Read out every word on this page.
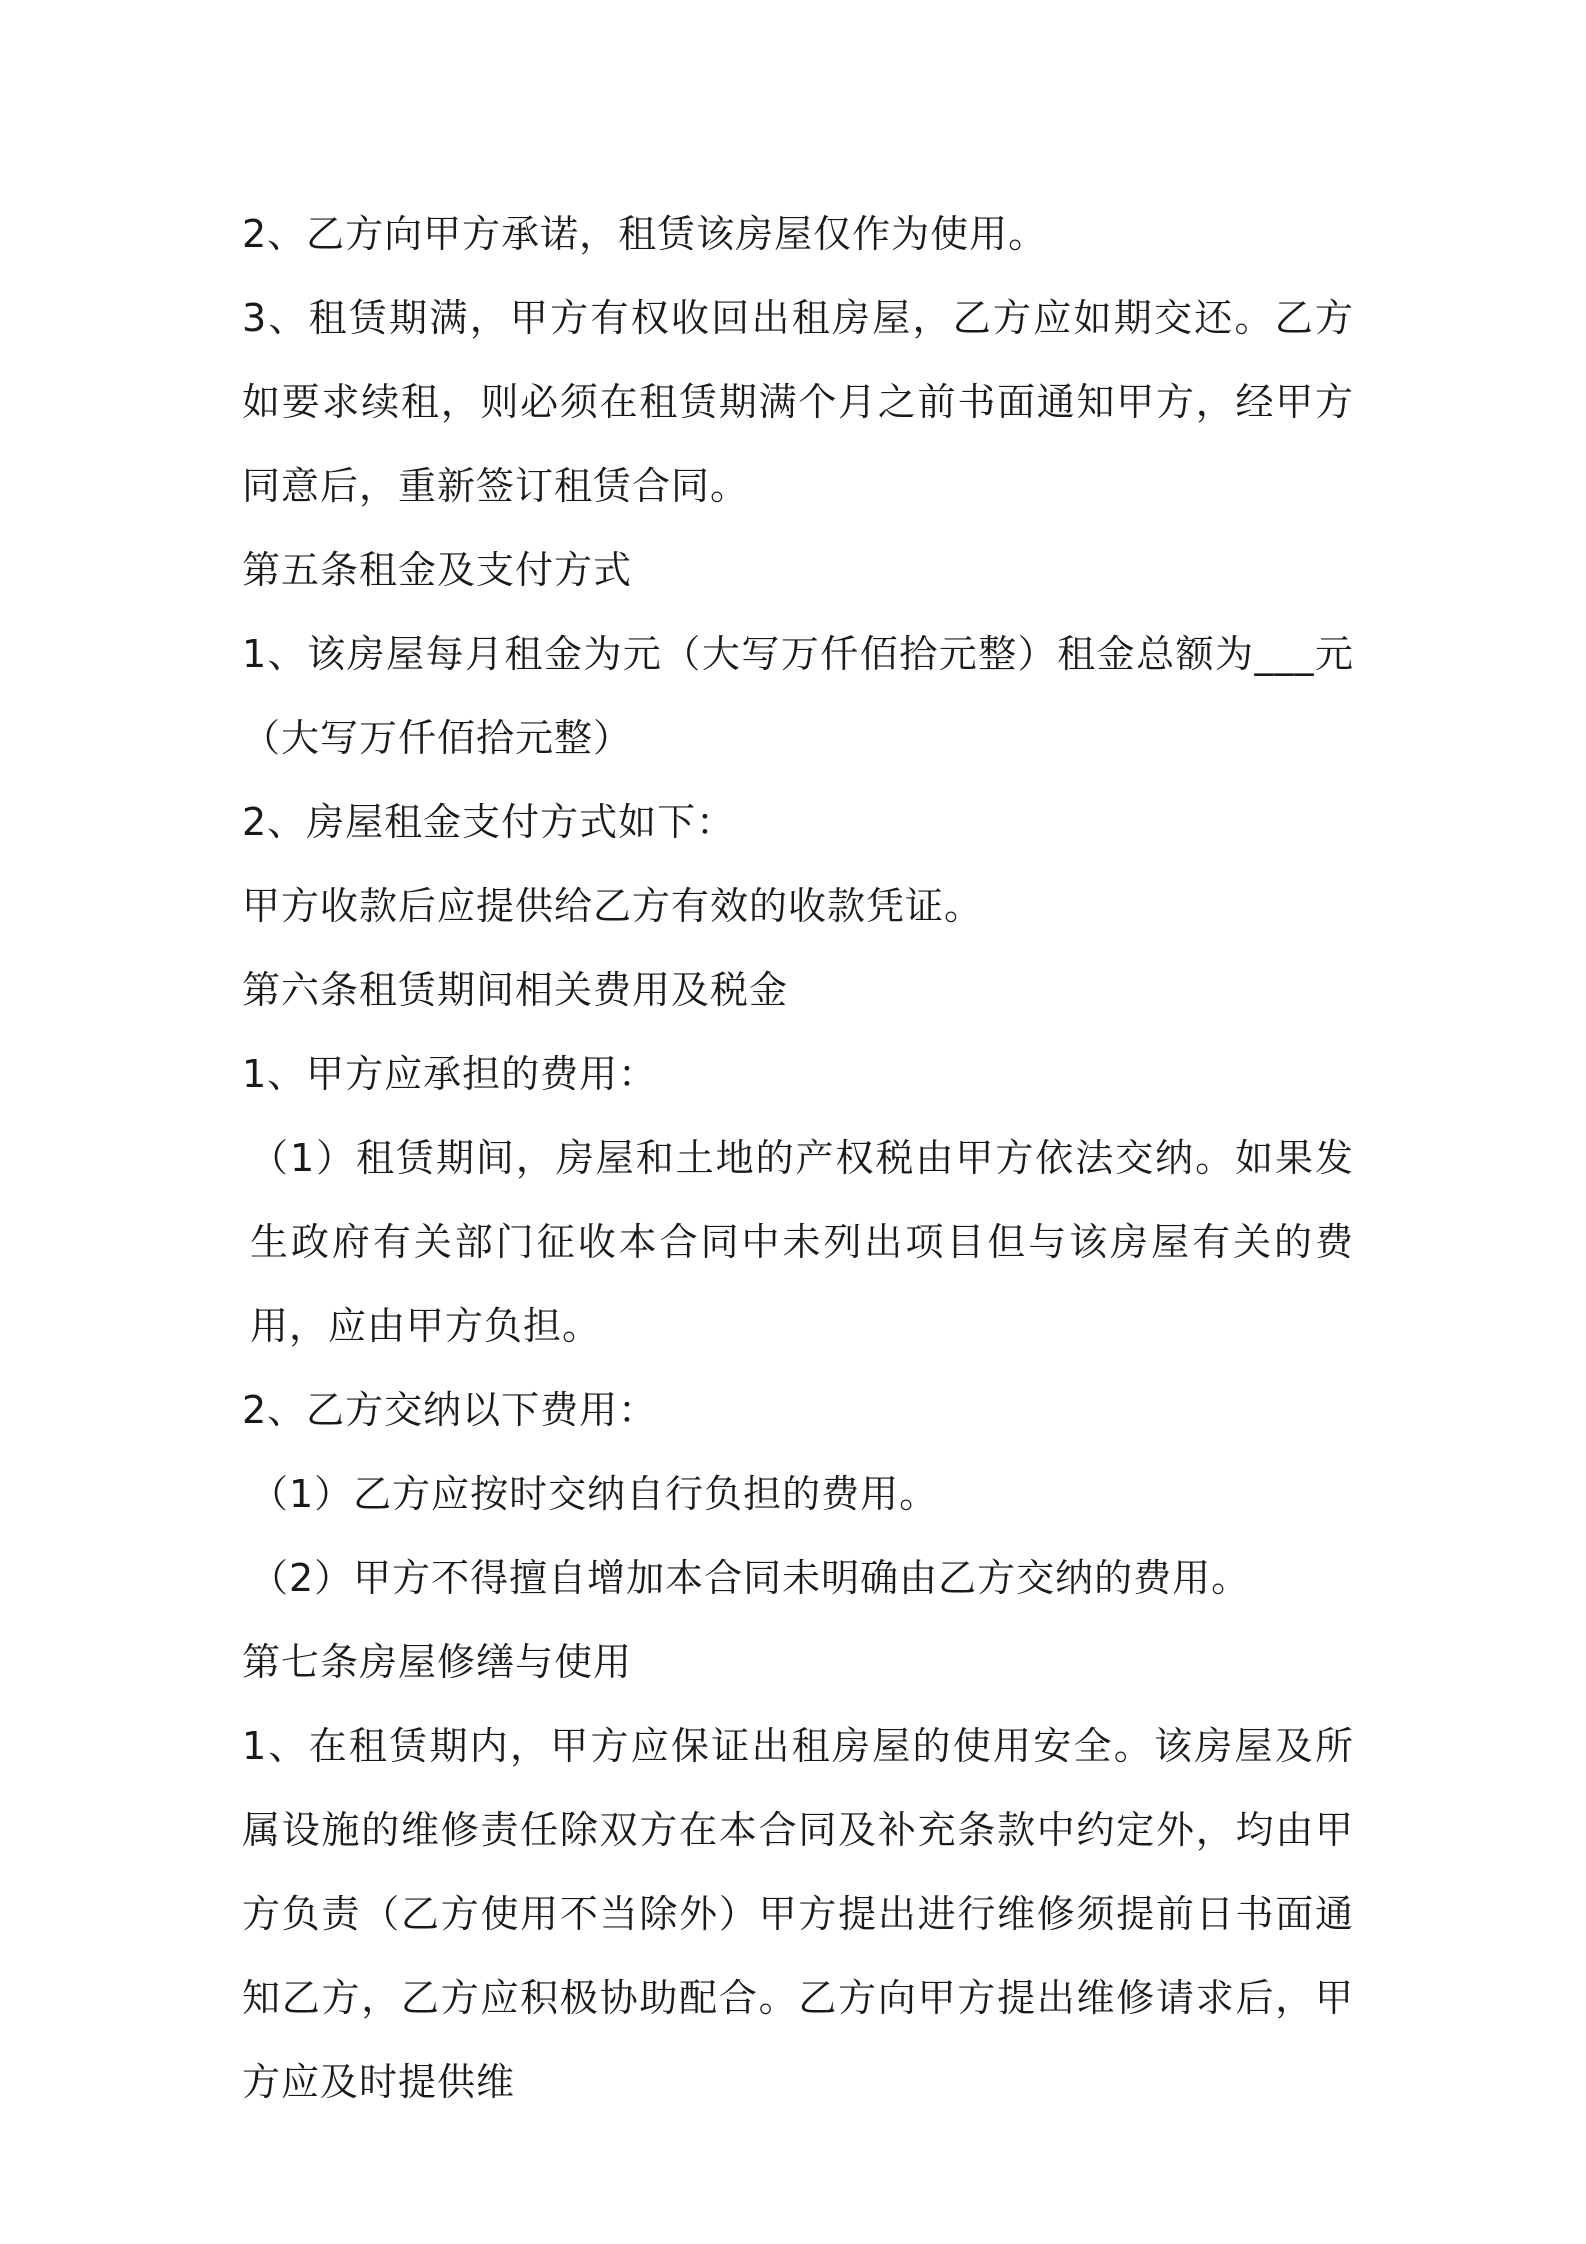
2、乙方向甲方承诺，租赁该房屋仅作为使用。

3、租赁期满，甲方有权收回出租房屋，乙方应如期交还。乙方如要求续租，则必须在租赁期满个月之前书面通知甲方，经甲方同意后，重新签订租赁合同。

第五条租金及支付方式

1、该房屋每月租金为元（大写万仟佰拾元整）租金总额为___元（大写万仟佰拾元整）

2、房屋租金支付方式如下：

甲方收款后应提供给乙方有效的收款凭证。

第六条租赁期间相关费用及税金

1、甲方应承担的费用：

（1）租赁期间，房屋和土地的产权税由甲方依法交纳。如果发生政府有关部门征收本合同中未列出项目但与该房屋有关的费用，应由甲方负担。

2、乙方交纳以下费用：

（1）乙方应按时交纳自行负担的费用。

（2）甲方不得擅自增加本合同未明确由乙方交纳的费用。

第七条房屋修缮与使用

1、在租赁期内，甲方应保证出租房屋的使用安全。该房屋及所属设施的维修责任除双方在本合同及补充条款中约定外，均由甲方负责（乙方使用不当除外）甲方提出进行维修须提前日书面通知乙方，乙方应积极协助配合。乙方向甲方提出维修请求后，甲方应及时提供维
